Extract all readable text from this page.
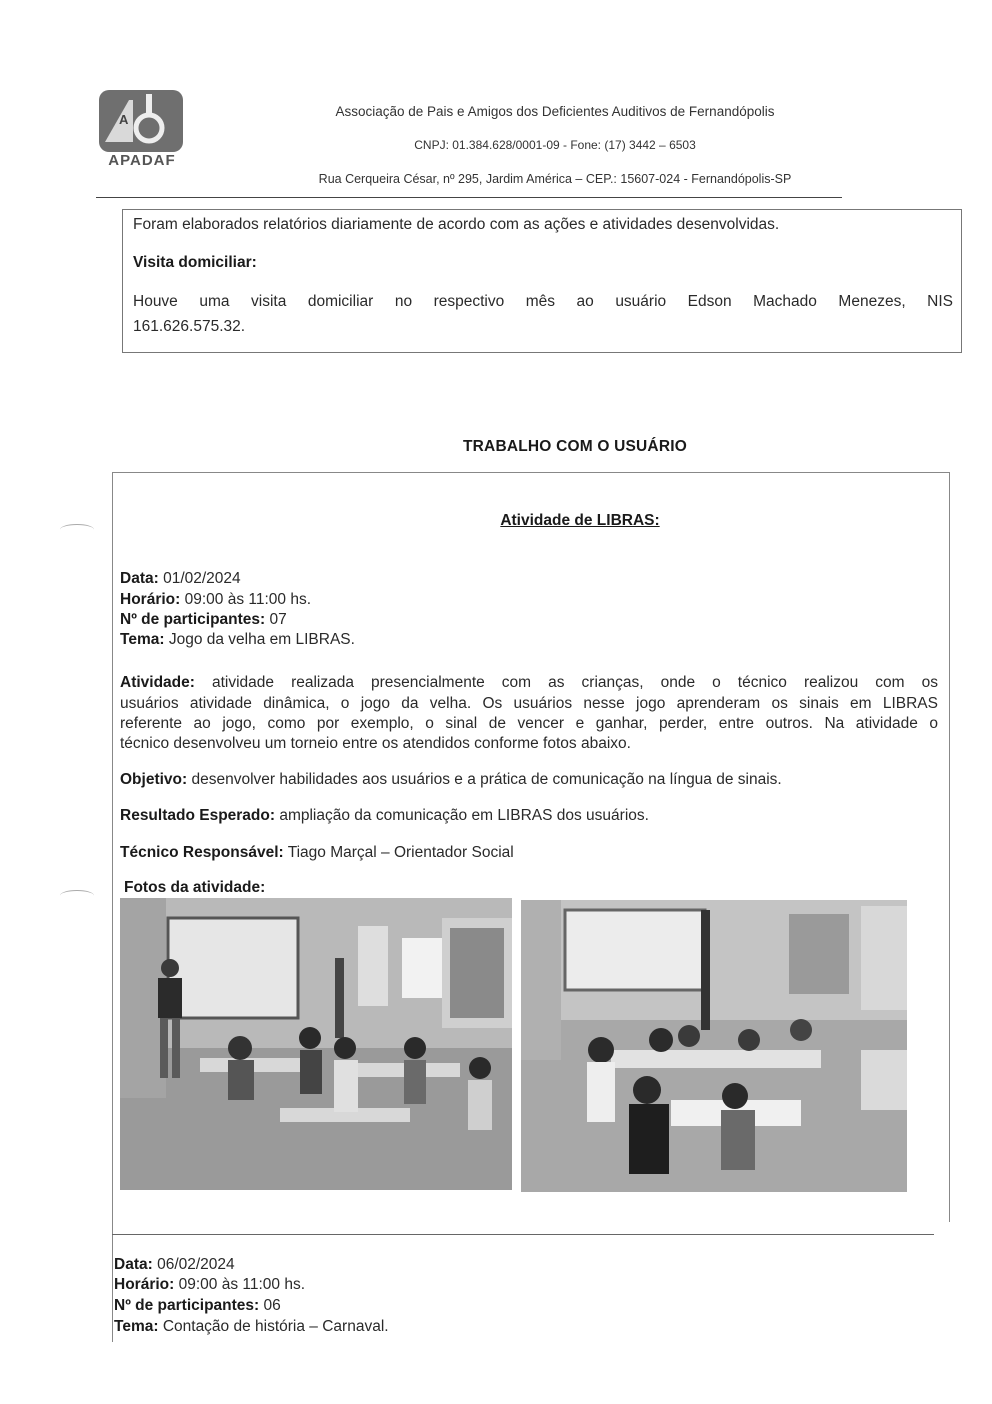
A
APADAF
Associação de Pais e Amigos dos Deficientes Auditivos de Fernandópolis
CNPJ: 01.384.628/0001-09 - Fone: (17) 3442 – 6503
Rua Cerqueira César, nº 295, Jardim América – CEP.: 15607-024 - Fernandópolis-SP
Foram elaborados relatórios diariamente de acordo com as ações e atividades desenvolvidas.
Visita domiciliar:
Houve uma visita domiciliar no respectivo mês ao usuário Edson Machado Menezes, NIS
161.626.575.32.
TRABALHO COM O USUÁRIO
Atividade de LIBRAS:
Data: 01/02/2024
Horário: 09:00 às 11:00 hs.
Nº de participantes: 07
Tema: Jogo da velha em LIBRAS.
Atividade: atividade realizada presencialmente com as crianças, onde o técnico realizou com os
usuários atividade dinâmica, o jogo da velha. Os usuários nesse jogo aprenderam os sinais em LIBRAS
referente ao jogo, como por exemplo, o sinal de vencer e ganhar, perder, entre outros. Na atividade o
técnico desenvolveu um torneio entre os atendidos conforme fotos abaixo.
Objetivo: desenvolver habilidades aos usuários e a prática de comunicação na língua de sinais.
Resultado Esperado: ampliação da comunicação em LIBRAS dos usuários.
Técnico Responsável: Tiago Marçal – Orientador Social
Fotos da atividade:
Data: 06/02/2024
Horário: 09:00 às 11:00 hs.
Nº de participantes: 06
Tema: Contação de história – Carnaval.
